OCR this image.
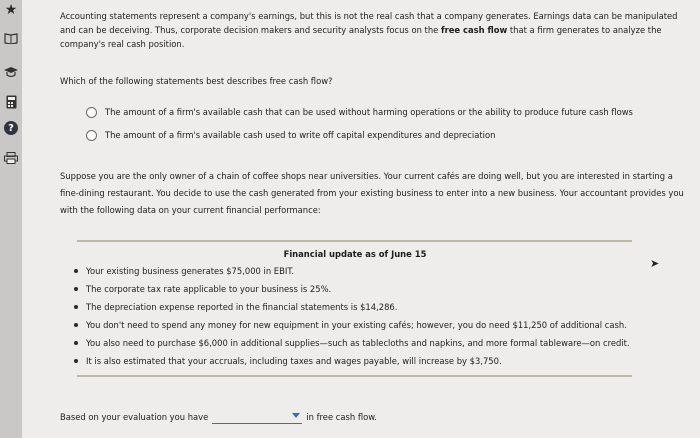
★
?
Accounting statements represent a company's earnings, but this is not the real cash that a company generates. Earnings data can be manipulated and can be deceiving. Thus, corporate decision makers and security analysts focus on the free cash flow that a firm generates to analyze the company's real cash position.
Which of the following statements best describes free cash flow?
The amount of a firm's available cash that can be used without harming operations or the ability to produce future cash flows
The amount of a firm's available cash used to write off capital expenditures and depreciation
Suppose you are the only owner of a chain of coffee shops near universities. Your current cafés are doing well, but you are interested in starting a fine-dining restaurant. You decide to use the cash generated from your existing business to enter into a new business. Your accountant provides you with the following data on your current financial performance:
Financial update as of June 15
Your existing business generates $75,000 in EBIT.
The corporate tax rate applicable to your business is 25%.
The depreciation expense reported in the financial statements is $14,286.
You don't need to spend any money for new equipment in your existing cafés; however, you do need $11,250 of additional cash.
You also need to purchase $6,000 in additional supplies—such as tablecloths and napkins, and more formal tableware—on credit.
It is also estimated that your accruals, including taxes and wages payable, will increase by $3,750.
➤
Based on your evaluation you have	in free cash flow.
